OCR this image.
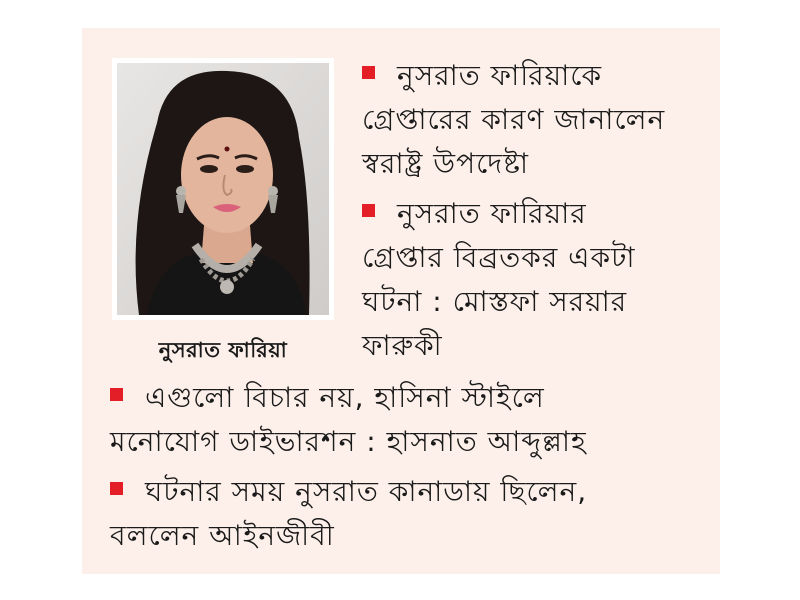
নুসরাত ফারিয়া
নুসরাত ফারিয়াকে
গ্রেপ্তারের কারণ জানালেন
স্বরাষ্ট্র উপদেষ্টা
নুসরাত ফারিয়ার
গ্রেপ্তার বিব্রতকর একটা
ঘটনা : মোস্তফা সরয়ার
ফারুকী
এগুলো বিচার নয়, হাসিনা স্টাইলে
মনোযোগ ডাইভারশন : হাসনাত আব্দুল্লাহ
ঘটনার সময় নুসরাত কানাডায় ছিলেন,
বললেন আইনজীবী
